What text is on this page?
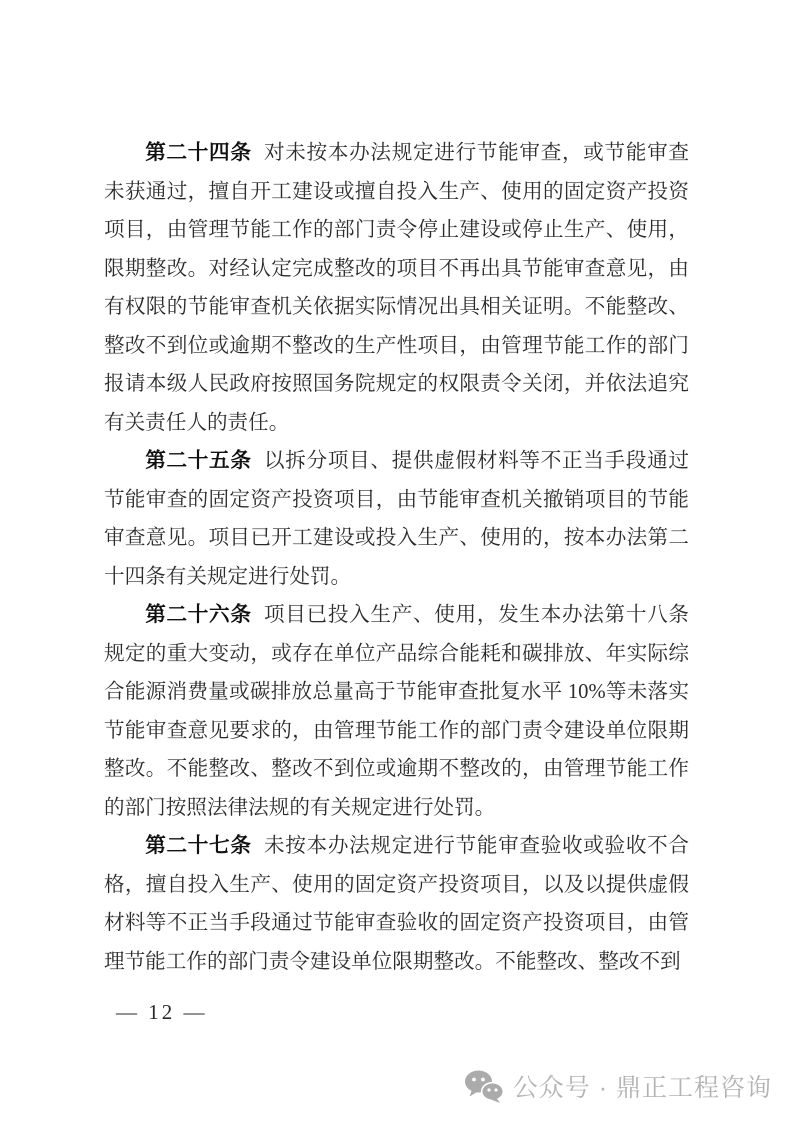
第二十四条 对未按本办法规定进行节能审查，或节能审查未获通过，擅自开工建设或擅自投入生产、使用的固定资产投资项目，由管理节能工作的部门责令停止建设或停止生产、使用，限期整改。对经认定完成整改的项目不再出具节能审查意见，由有权限的节能审查机关依据实际情况出具相关证明。不能整改、整改不到位或逾期不整改的生产性项目，由管理节能工作的部门报请本级人民政府按照国务院规定的权限责令关闭，并依法追究有关责任人的责任。

第二十五条 以拆分项目、提供虚假材料等不正当手段通过节能审查的固定资产投资项目，由节能审查机关撤销项目的节能审查意见。项目已开工建设或投入生产、使用的，按本办法第二十四条有关规定进行处罚。

第二十六条 项目已投入生产、使用，发生本办法第十八条规定的重大变动，或存在单位产品综合能耗和碳排放、年实际综合能源消费量或碳排放总量高于节能审查批复水平 10%等未落实节能审查意见要求的，由管理节能工作的部门责令建设单位限期整改。不能整改、整改不到位或逾期不整改的，由管理节能工作的部门按照法律法规的有关规定进行处罚。

第二十七条 未按本办法规定进行节能审查验收或验收不合格，擅自投入生产、使用的固定资产投资项目，以及以提供虚假材料等不正当手段通过节能审查验收的固定资产投资项目，由管理节能工作的部门责令建设单位限期整改。不能整改、整改不到

— 12 —
公众号 · 鼎正工程咨询
